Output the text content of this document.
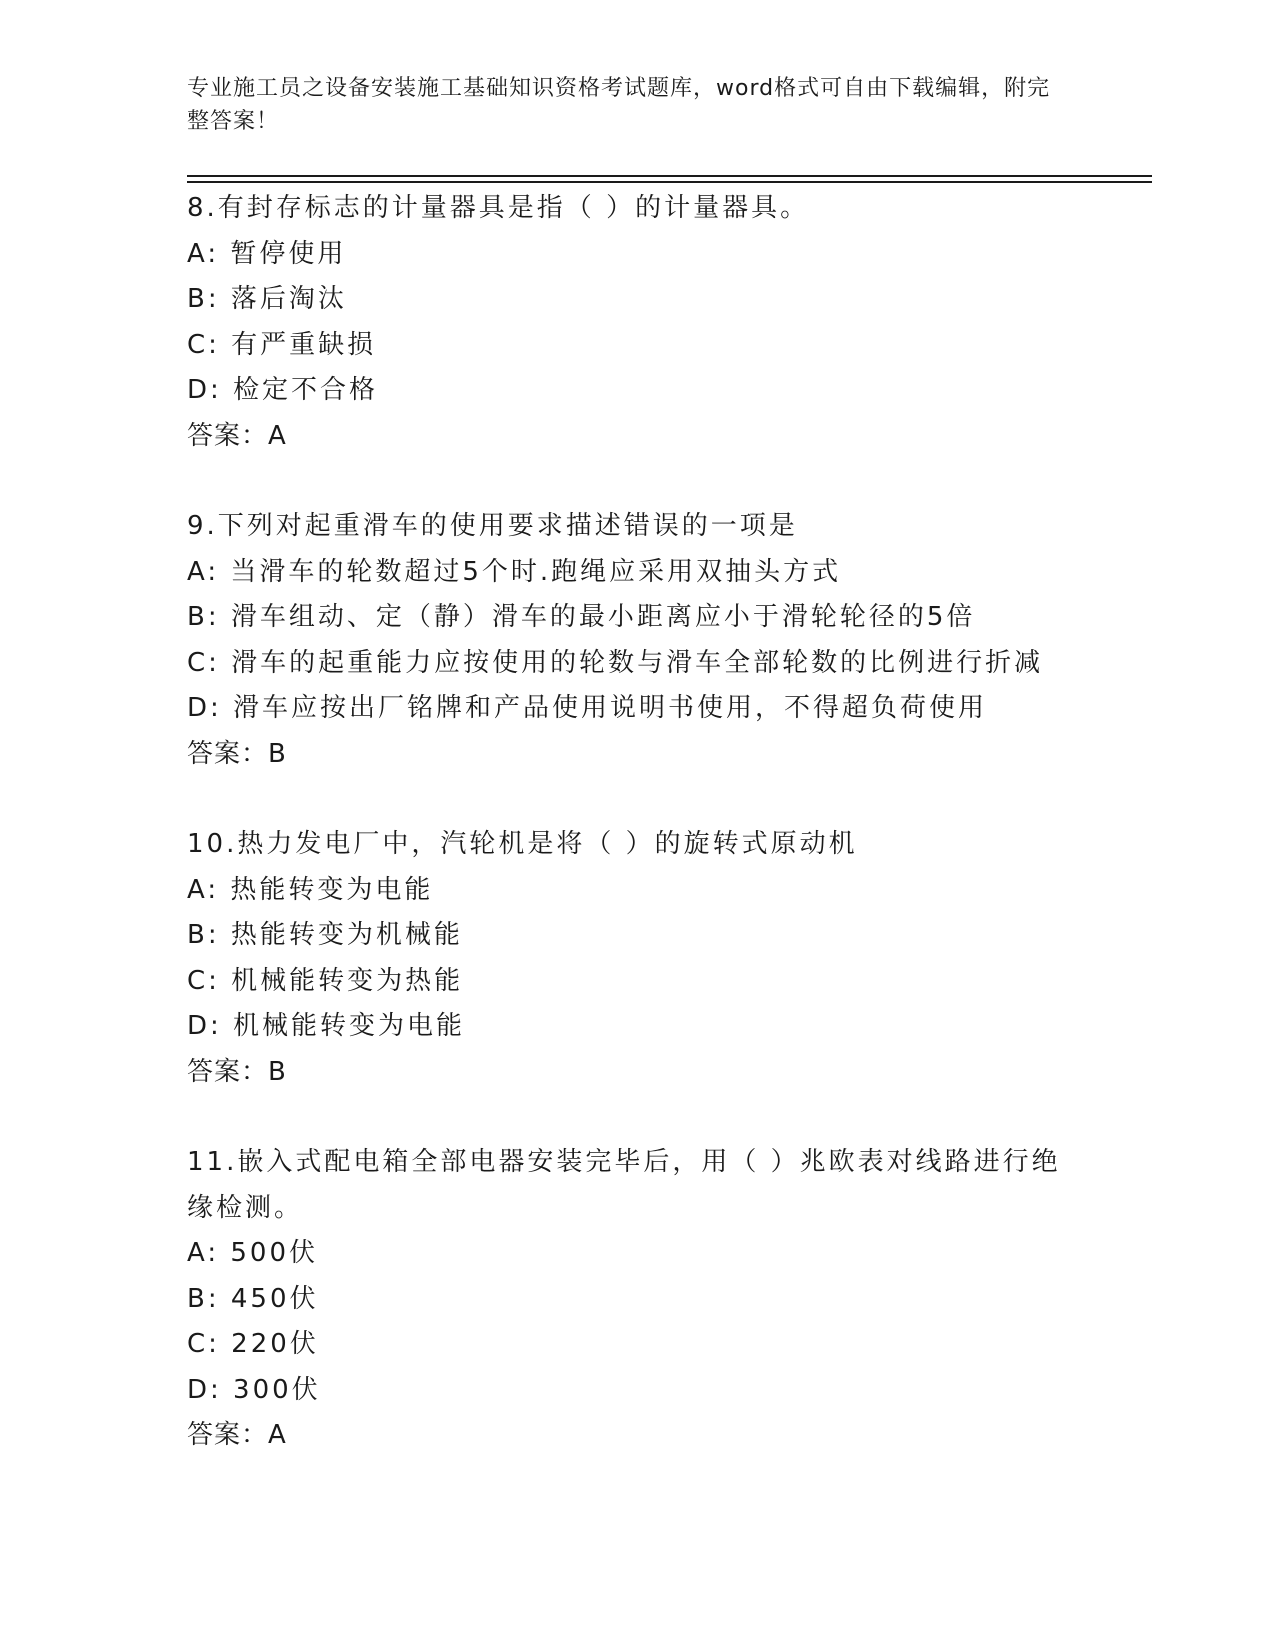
专业施工员之设备安装施工基础知识资格考试题库，word格式可自由下载编辑，附完整答案！
8.有封存标志的计量器具是指（ ）的计量器具。
A: 暂停使用
B: 落后淘汰
C: 有严重缺损
D: 检定不合格
答案：A
9.下列对起重滑车的使用要求描述错误的一项是
A: 当滑车的轮数超过5个时.跑绳应采用双抽头方式
B: 滑车组动、定（静）滑车的最小距离应小于滑轮轮径的5倍
C: 滑车的起重能力应按使用的轮数与滑车全部轮数的比例进行折减
D: 滑车应按出厂铭牌和产品使用说明书使用，不得超负荷使用
答案：B
10.热力发电厂中，汽轮机是将（ ）的旋转式原动机
A: 热能转变为电能
B: 热能转变为机械能
C: 机械能转变为热能
D: 机械能转变为电能
答案：B
11.嵌入式配电箱全部电器安装完毕后，用（ ）兆欧表对线路进行绝缘检测。
A: 500伏
B: 450伏
C: 220伏
D: 300伏
答案：A
